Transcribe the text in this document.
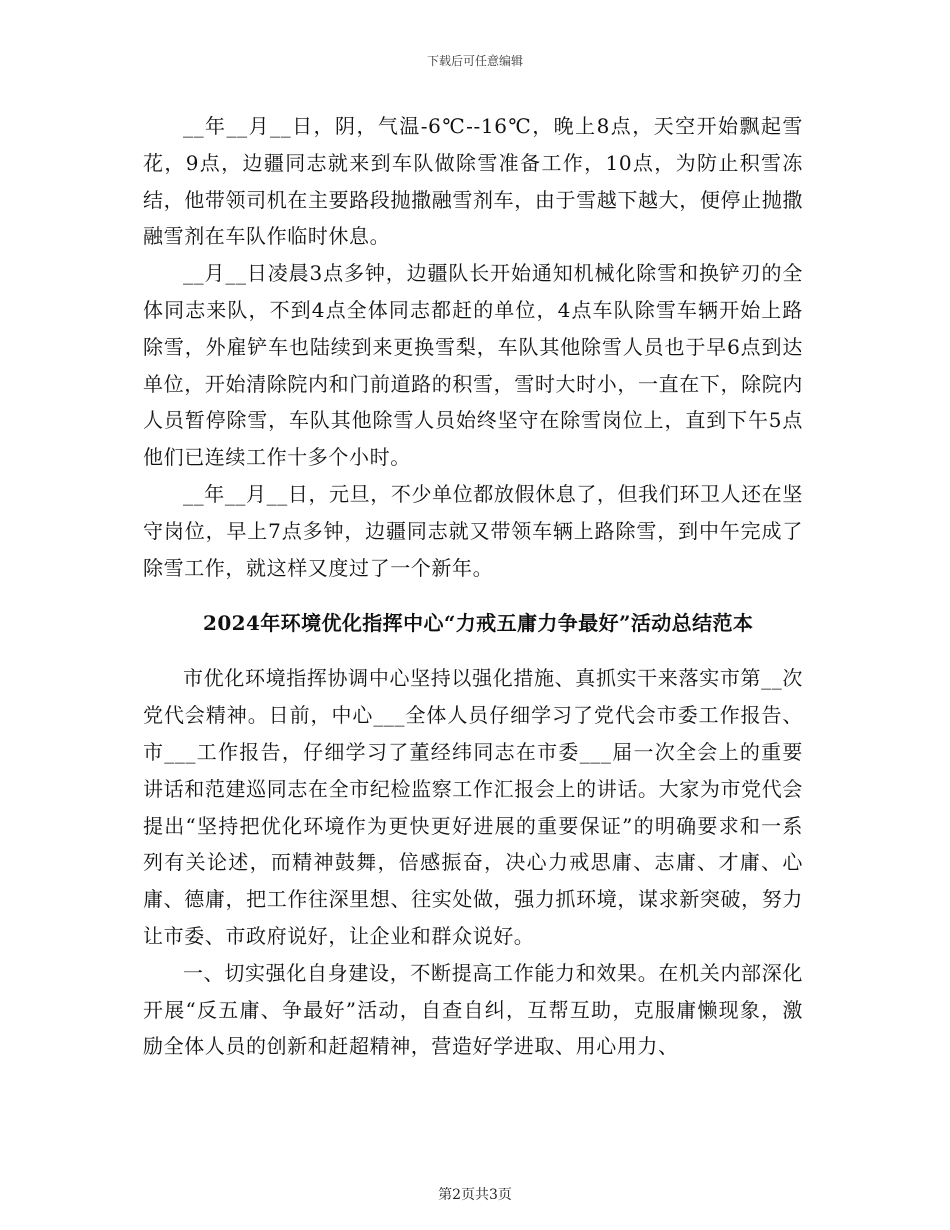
下载后可任意编辑

__年__月__日，阴，气温-6℃--16℃，晚上8点，天空开始飘起雪花，9点，边疆同志就来到车队做除雪准备工作，10点，为防止积雪冻结，他带领司机在主要路段抛撒融雪剂车，由于雪越下越大，便停止抛撒融雪剂在车队作临时休息。

__月__日凌晨3点多钟，边疆队长开始通知机械化除雪和换铲刃的全体同志来队，不到4点全体同志都赶的单位，4点车队除雪车辆开始上路除雪，外雇铲车也陆续到来更换雪梨，车队其他除雪人员也于早6点到达单位，开始清除院内和门前道路的积雪，雪时大时小，一直在下，除院内人员暂停除雪，车队其他除雪人员始终坚守在除雪岗位上，直到下午5点他们已连续工作十多个小时。

__年__月__日，元旦，不少单位都放假休息了，但我们环卫人还在坚守岗位，早上7点多钟，边疆同志就又带领车辆上路除雪，到中午完成了除雪工作，就这样又度过了一个新年。

2024年环境优化指挥中心“力戒五庸力争最好”活动总结范本

市优化环境指挥协调中心坚持以强化措施、真抓实干来落实市第__次党代会精神。日前，中心___全体人员仔细学习了党代会市委工作报告、市___工作报告，仔细学习了董经纬同志在市委___届一次全会上的重要讲话和范建巡同志在全市纪检监察工作汇报会上的讲话。大家为市党代会提出“坚持把优化环境作为更快更好进展的重要保证”的明确要求和一系列有关论述，而精神鼓舞，倍感振奋，决心力戒思庸、志庸、才庸、心庸、德庸，把工作往深里想、往实处做，强力抓环境，谋求新突破，努力让市委、市政府说好，让企业和群众说好。

一、切实强化自身建设，不断提高工作能力和效果。在机关内部深化开展“反五庸、争最好”活动，自查自纠，互帮互助，克服庸懒现象，激励全体人员的创新和赶超精神，营造好学进取、用心用力、

第2页共3页
